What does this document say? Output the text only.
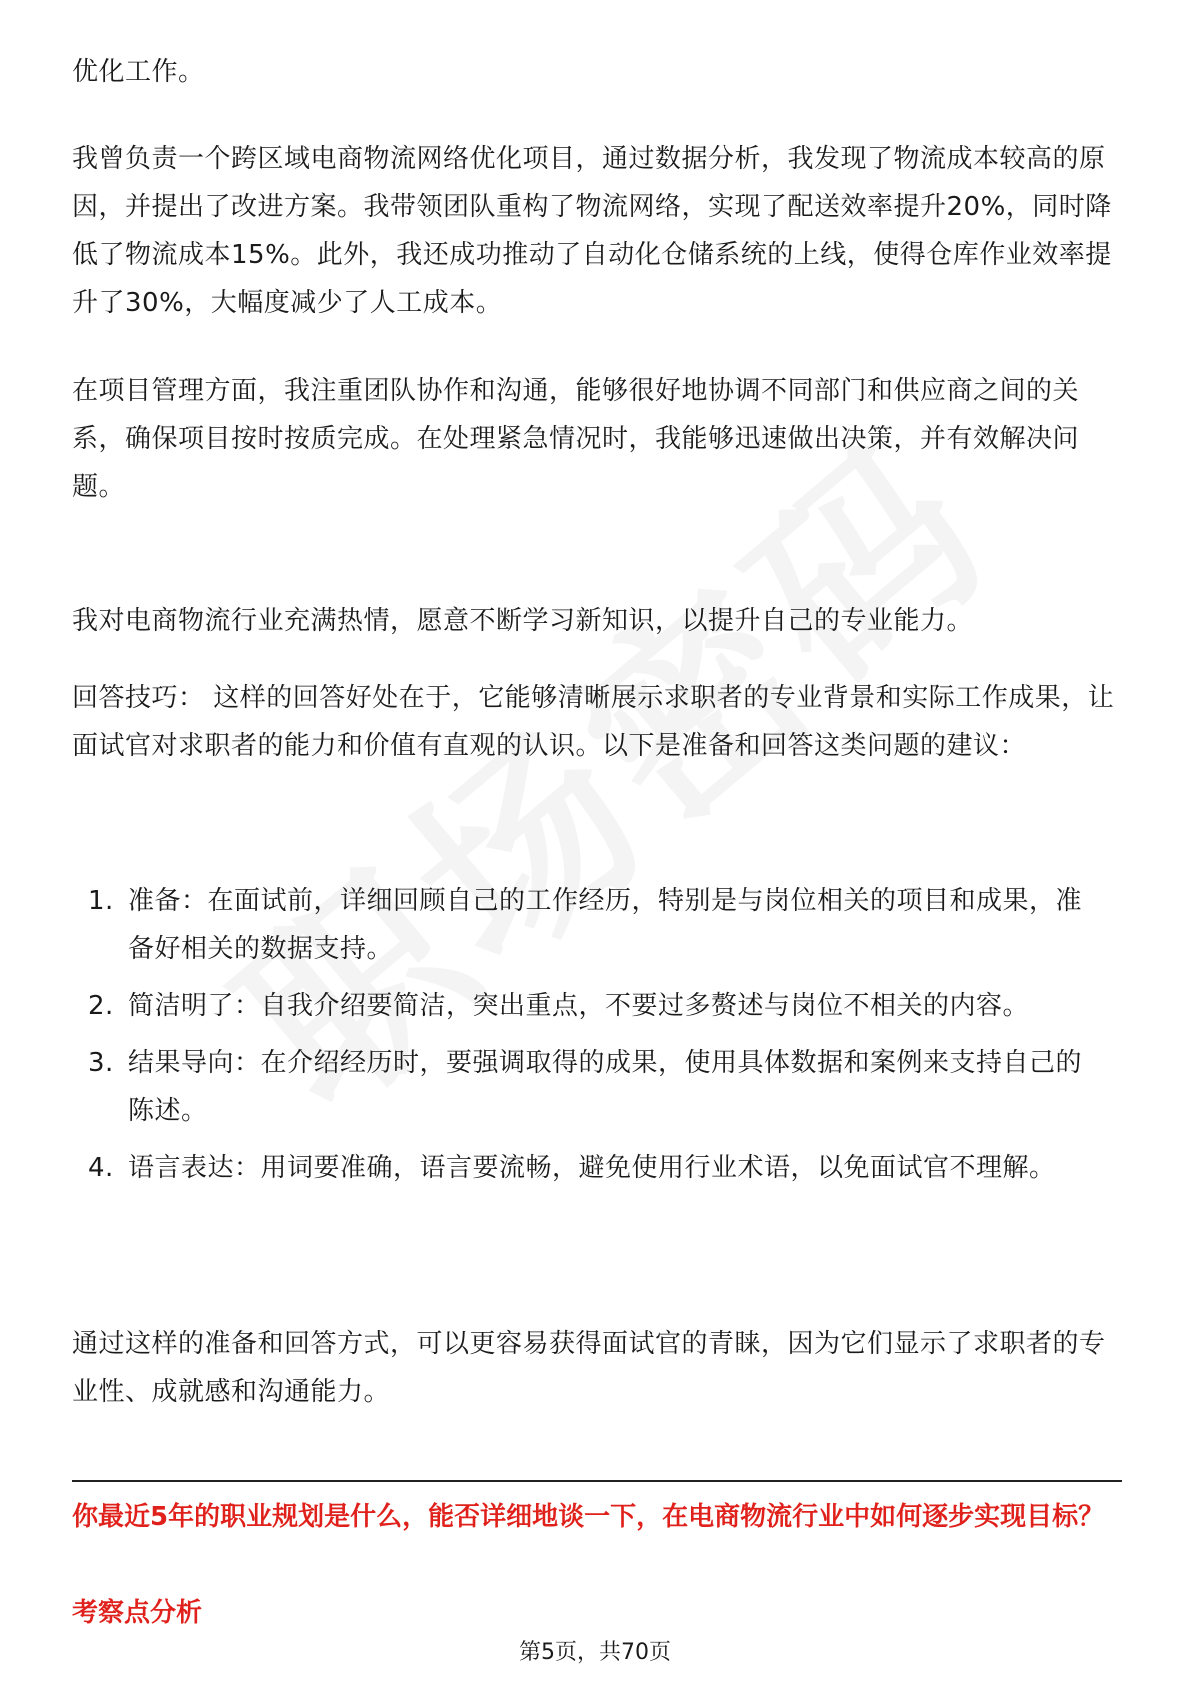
优化工作。

我曾负责一个跨区域电商物流网络优化项目，通过数据分析，我发现了物流成本较高的原因，并提出了改进方案。我带领团队重构了物流网络，实现了配送效率提升20%，同时降低了物流成本15%。此外，我还成功推动了自动化仓储系统的上线，使得仓库作业效率提升了30%，大幅度减少了人工成本。

在项目管理方面，我注重团队协作和沟通，能够很好地协调不同部门和供应商之间的关系，确保项目按时按质完成。在处理紧急情况时，我能够迅速做出决策，并有效解决问题。

我对电商物流行业充满热情，愿意不断学习新知识，以提升自己的专业能力。

回答技巧： 这样的回答好处在于，它能够清晰展示求职者的专业背景和实际工作成果，让面试官对求职者的能力和价值有直观的认识。以下是准备和回答这类问题的建议：

1. 准备：在面试前，详细回顾自己的工作经历，特别是与岗位相关的项目和成果，准备好相关的数据支持。
2. 简洁明了：自我介绍要简洁，突出重点，不要过多赘述与岗位不相关的内容。
3. 结果导向：在介绍经历时，要强调取得的成果，使用具体数据和案例来支持自己的陈述。
4. 语言表达：用词要准确，语言要流畅，避免使用行业术语，以免面试官不理解。

通过这样的准备和回答方式，可以更容易获得面试官的青睐，因为它们显示了求职者的专业性、成就感和沟通能力。

你最近5年的职业规划是什么，能否详细地谈一下，在电商物流行业中如何逐步实现目标？

考察点分析

第5页，共70页
